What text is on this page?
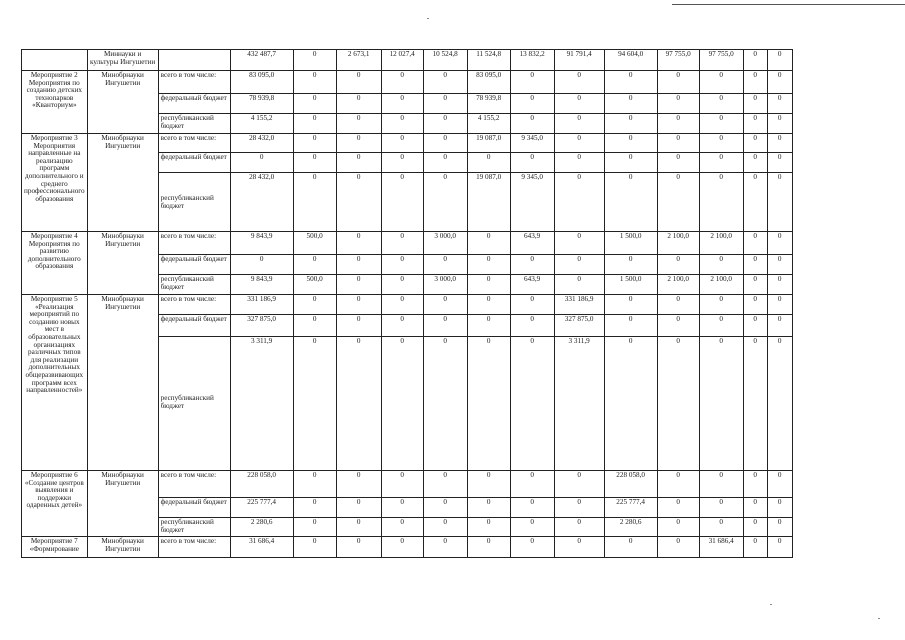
	Миннауки и культуры Ингушетии		432 487,7	0	2 673,1	12 027,4	10 524,8	11 524,8	13 832,2	91 791,4	94 604,0	97 755,0	97 755,0	0	0
Мероприятие 2 Мероприятия по созданию детских технопарков «Кванториум»	Минобрнауки Ингушетии	всего в том числе:	83 095,0	0	0	0	0	83 095,0	0	0	0	0	0	0	0
		федеральный бюджет	78 939,8	0	0	0	0	78 939,8	0	0	0	0	0	0	0
		республиканский бюджет	4 155,2	0	0	0	0	4 155,2	0	0	0	0	0	0	0
Мероприятие 3 Мероприятия направленные на реализацию программ дополнительного и среднего профессионального образования	Минобрнауки Ингушетии	всего в том числе:	28 432,0	0	0	0	0	19 087,0	9 345,0	0	0	0	0	0	0
		федеральный бюджет	0	0	0	0	0	0	0	0	0	0	0	0	0
		республиканский бюджет	28 432,0	0	0	0	0	19 087,0	9 345,0	0	0	0	0	0	0
Мероприятие 4 Мероприятия по развитию дополнительного образования	Минобрнауки Ингушетии	всего в том числе:	9 843,9	500,0	0	0	3 000,0	0	643,9	0	1 500,0	2 100,0	2 100,0	0	0
		федеральный бюджет	0	0	0	0	0	0	0	0	0	0	0	0	0
		республиканский бюджет	9 843,9	500,0	0	0	3 000,0	0	643,9	0	1 500,0	2 100,0	2 100,0	0	0
Мероприятие 5 «Реализация мероприятий по созданию новых мест в образовательных организациях различных типов для реализации дополнительных общеразвивающих программ всех направленностей»	Минобрнауки Ингушетии	всего в том числе:	331 186,9	0	0	0	0	0	0	331 186,9	0	0	0	0	0
		федеральный бюджет	327 875,0	0	0	0	0	0	0	327 875,0	0	0	0	0	0
		республиканский бюджет	3 311,9	0	0	0	0	0	0	3 311,9	0	0	0	0	0
Мероприятие 6 «Создание центров выявления и поддержки одаренных детей»	Минобрнауки Ингушетии	всего в том числе:	228 058,0	0	0	0	0	0	0	0	228 058,0	0	0	0	0
		федеральный бюджет	225 777,4	0	0	0	0	0	0	0	225 777,4	0	0	0	0
		республиканский бюджет	2 280,6	0	0	0	0	0	0	0	2 280,6	0	0	0	0
Мероприятие 7 «Формирование	Минобрнауки Ингушетии	всего в том числе:	31 686,4	0	0	0	0	0	0	0	0	0	31 686,4	0	0
